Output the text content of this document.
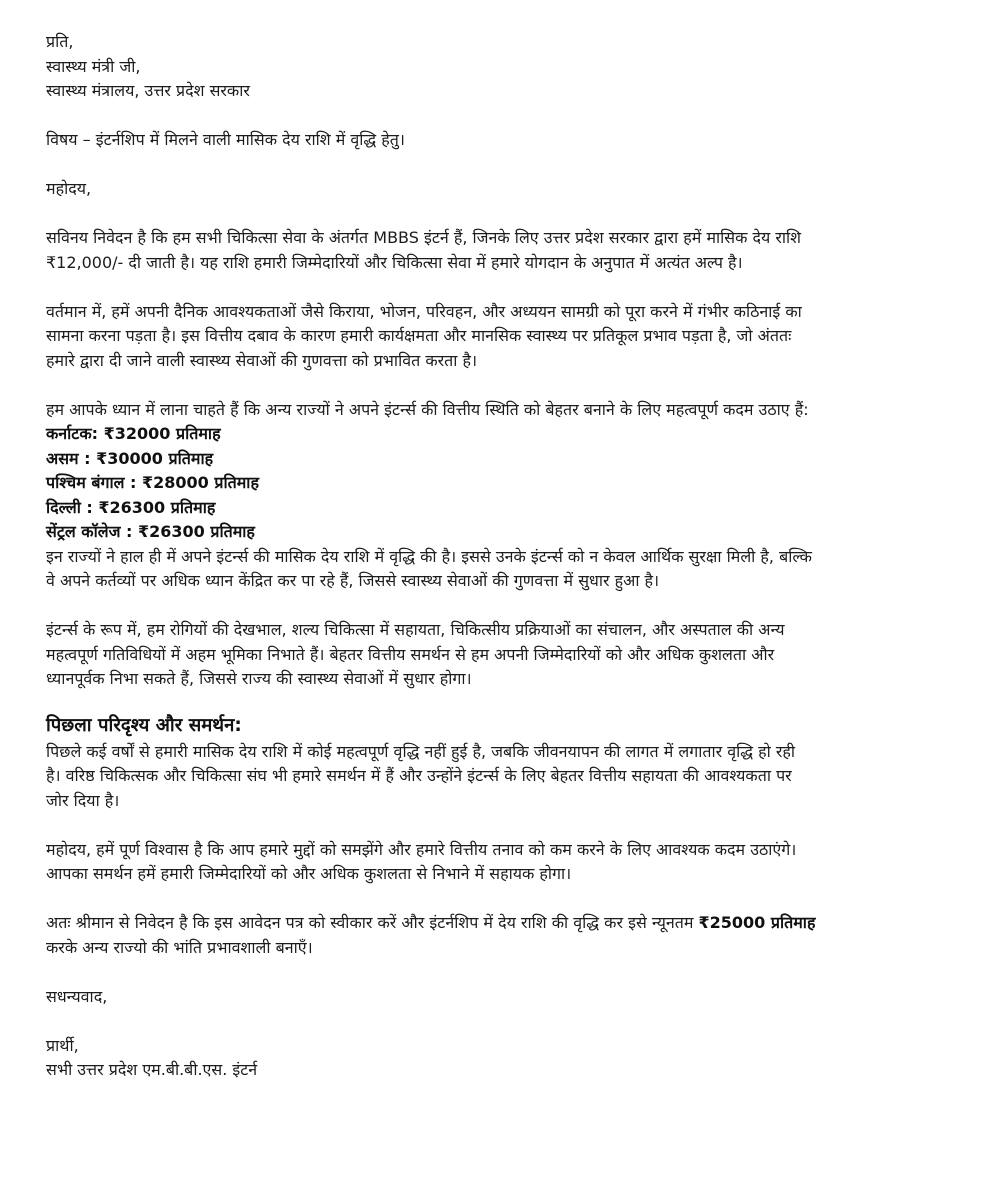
प्रति,

स्वास्थ्य मंत्री जी,

स्वास्थ्य मंत्रालय, उत्तर प्रदेश सरकार

विषय – इंटर्नशिप में मिलने वाली मासिक देय राशि में वृद्धि हेतु।

महोदय,

सविनय निवेदन है कि हम सभी चिकित्सा सेवा के अंतर्गत MBBS इंटर्न हैं, जिनके लिए उत्तर प्रदेश सरकार द्वारा हमें मासिक देय राशि

₹12,000/- दी जाती है। यह राशि हमारी जिम्मेदारियों और चिकित्सा सेवा में हमारे योगदान के अनुपात में अत्यंत अल्प है।

वर्तमान में, हमें अपनी दैनिक आवश्यकताओं जैसे किराया, भोजन, परिवहन, और अध्ययन सामग्री को पूरा करने में गंभीर कठिनाई का

सामना करना पड़ता है। इस वित्तीय दबाव के कारण हमारी कार्यक्षमता और मानसिक स्वास्थ्य पर प्रतिकूल प्रभाव पड़ता है, जो अंततः

हमारे द्वारा दी जाने वाली स्वास्थ्य सेवाओं की गुणवत्ता को प्रभावित करता है।

हम आपके ध्यान में लाना चाहते हैं कि अन्य राज्यों ने अपने इंटर्न्स की वित्तीय स्थिति को बेहतर बनाने के लिए महत्वपूर्ण कदम उठाए हैं:

कर्नाटक: ₹32000 प्रतिमाह

असम : ₹30000 प्रतिमाह

पश्चिम बंगाल : ₹28000 प्रतिमाह

दिल्ली : ₹26300 प्रतिमाह

सेंट्रल कॉलेज : ₹26300 प्रतिमाह

इन राज्यों ने हाल ही में अपने इंटर्न्स की मासिक देय राशि में वृद्धि की है। इससे उनके इंटर्न्स को न केवल आर्थिक सुरक्षा मिली है, बल्कि

वे अपने कर्तव्यों पर अधिक ध्यान केंद्रित कर पा रहे हैं, जिससे स्वास्थ्य सेवाओं की गुणवत्ता में सुधार हुआ है।

इंटर्न्स के रूप में, हम रोगियों की देखभाल, शल्य चिकित्सा में सहायता, चिकित्सीय प्रक्रियाओं का संचालन, और अस्पताल की अन्य

महत्वपूर्ण गतिविधियों में अहम भूमिका निभाते हैं। बेहतर वित्तीय समर्थन से हम अपनी जिम्मेदारियों को और अधिक कुशलता और

ध्यानपूर्वक निभा सकते हैं, जिससे राज्य की स्वास्थ्य सेवाओं में सुधार होगा।

पिछला परिदृश्य और समर्थन:

पिछले कई वर्षों से हमारी मासिक देय राशि में कोई महत्वपूर्ण वृद्धि नहीं हुई है, जबकि जीवनयापन की लागत में लगातार वृद्धि हो रही

है। वरिष्ठ चिकित्सक और चिकित्सा संघ भी हमारे समर्थन में हैं और उन्होंने इंटर्न्स के लिए बेहतर वित्तीय सहायता की आवश्यकता पर

जोर दिया है।

महोदय, हमें पूर्ण विश्वास है कि आप हमारे मुद्दों को समझेंगे और हमारे वित्तीय तनाव को कम करने के लिए आवश्यक कदम उठाएंगे।

आपका समर्थन हमें हमारी जिम्मेदारियों को और अधिक कुशलता से निभाने में सहायक होगा।

अतः श्रीमान से निवेदन है कि इस आवेदन पत्र को स्वीकार करें और इंटर्नशिप में देय राशि की वृद्धि कर इसे न्यूनतम ₹25000 प्रतिमाह

करके अन्य राज्यो की भांति प्रभावशाली बनाएँ।

सधन्यवाद,

प्रार्थी,

सभी उत्तर प्रदेश एम.बी.बी.एस. इंटर्न
